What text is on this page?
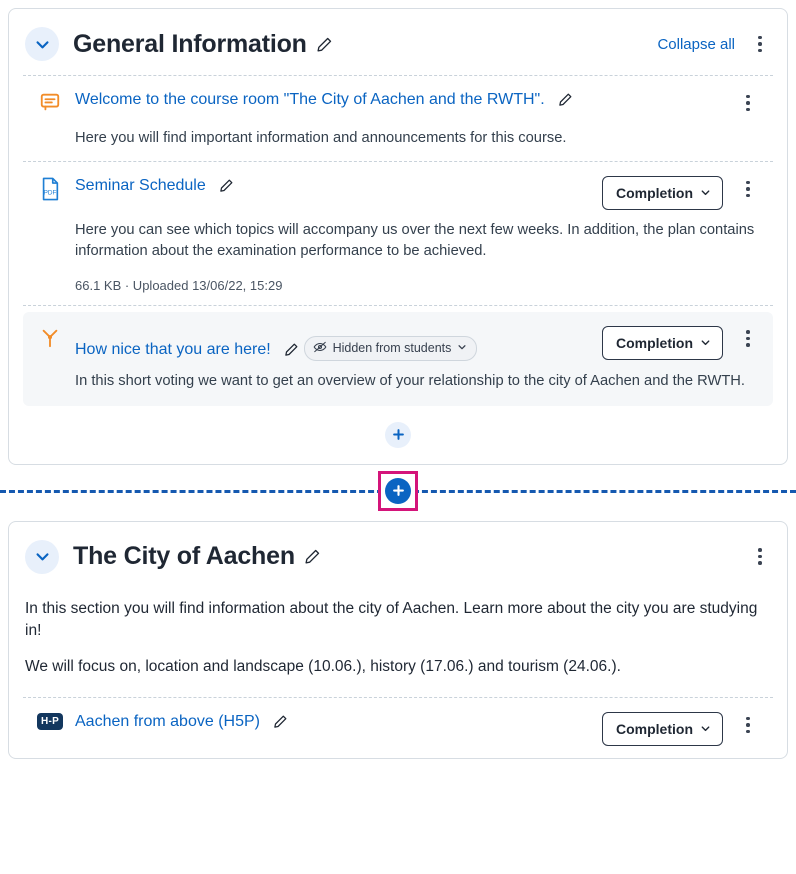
General Information	Collapse all
Welcome to the course room "The City of Aachen and the RWTH".
Here you will find important information and announcements for this course.
PDF Seminar Schedule	Completion
Here you can see which topics will accompany us over the next few weeks. In addition, the plan contains information about the examination performance to be achieved.
66.1 KB · Uploaded 13/06/22, 15:29
How nice that you are here!
	Hidden from students	Completion
In this short voting we want to get an overview of your relationship to the city of Aachen and the RWTH.
The City of Aachen

In this section you will find information about the city of Aachen. Learn more about the city you are studying in!

We will focus on, location and landscape (10.06.), history (17.06.) and tourism (24.06.).

H-P Aachen from above (H5P)	Completion
